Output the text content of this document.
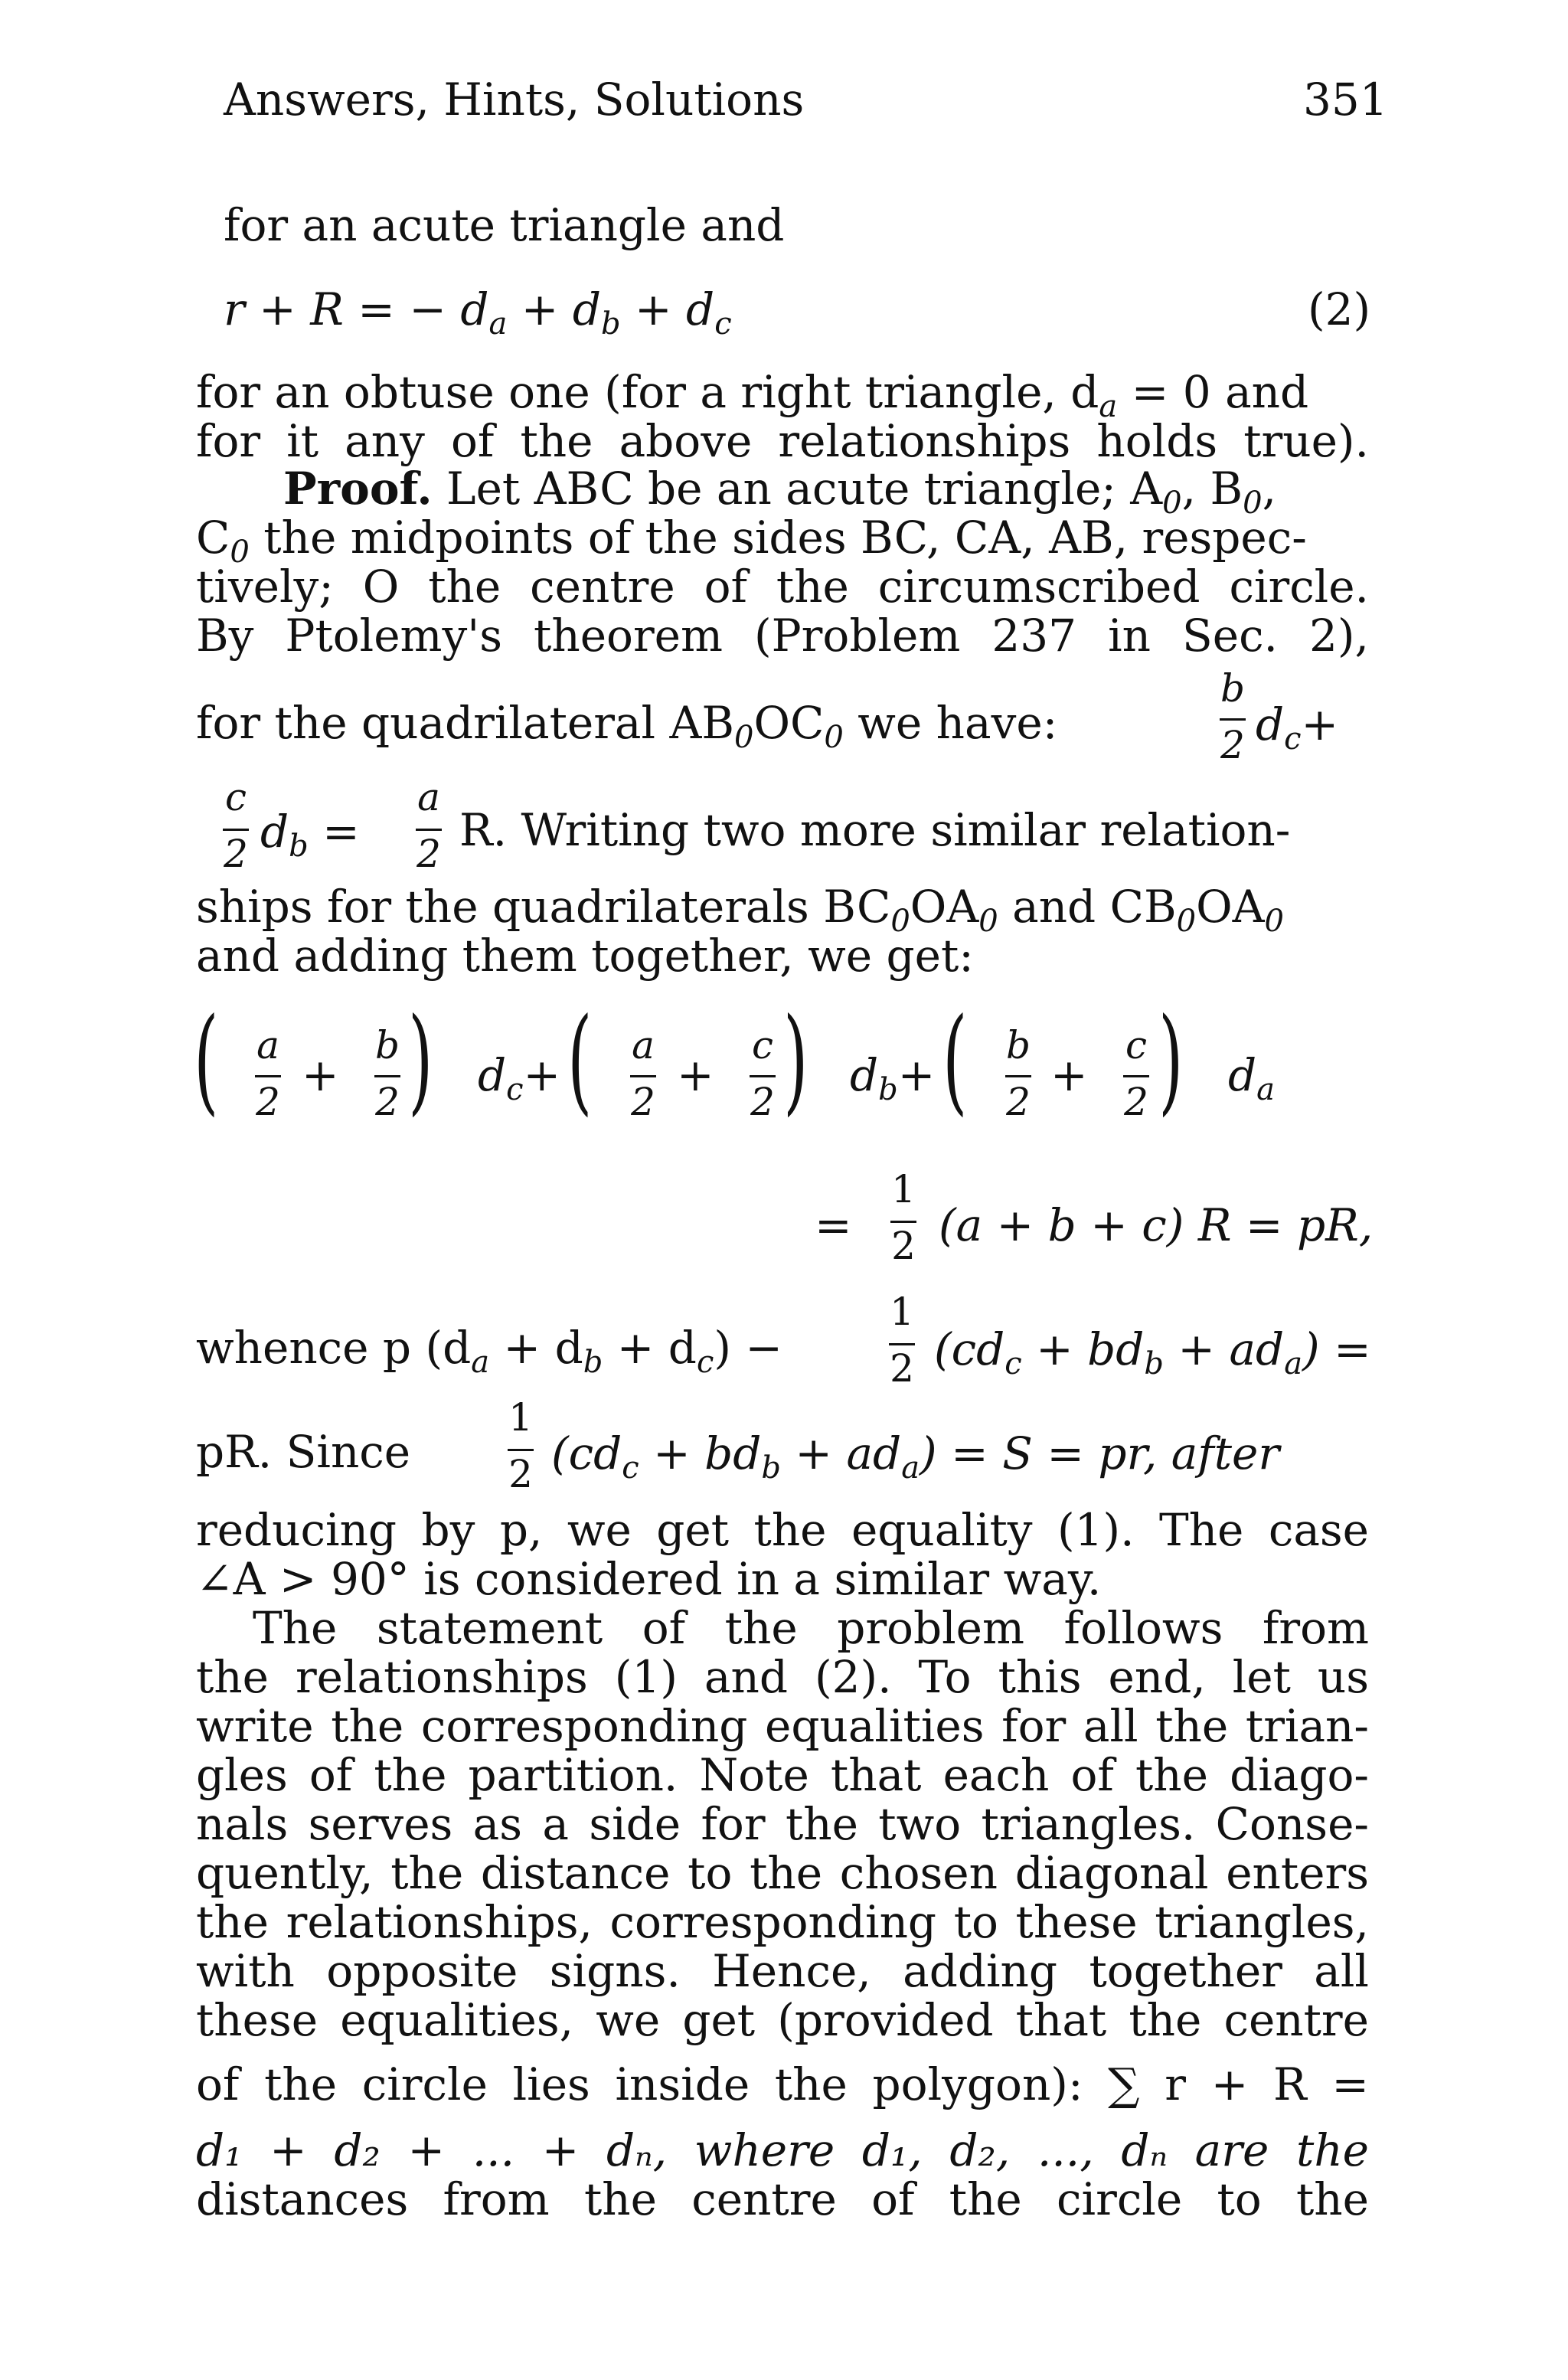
Answers, Hints, Solutions	351
for an acute triangle and
r + R = − $d_a + d_b + d_c$	(2)
for an obtuse one (for a right triangle, $d_a = 0$ and
for it any of the above relationships holds true).
Proof. Let ABC be an acute triangle; $A_0$, $B_0$,
$C_0$ the midpoints of the sides BC, CA, AB, respec-
tively; O the centre of the circumscribed circle.
By Ptolemy's theorem (Problem 237 in Sec. 2),
for the quadrilateral $AB_0OC_0$ we have:
b
2 $d_c+$
c
2 $d_b$ =
a
2 R. Writing two more similar relation-
ships for the quadrilaterals $BC_0OA_0$ and $CB_0OA_0$
and adding them together, we get:
( a
2
+
b
2 ) $d_c+$ ( a
2
+
c
2 ) $d_b+$ ( b
2
+
c
2 ) $d_a$
=
1
2 (a + b + c) R = pR,
whence p $(d_a + d_b + d_c)$ −
1
2 $(cd_c + bd_b + ad_a)$ =
pR. Since
1
2 $(cd_c + bd_b + ad_a) = S$ = pr, after
reducing by p, we get the equality (1). The case
∠A > 90° is considered in a similar way.
The statement of the problem follows from
the relationships (1) and (2). To this end, let us
write the corresponding equalities for all the trian-
gles of the partition. Note that each of the diago-
nals serves as a side for the two triangles. Conse-
quently, the distance to the chosen diagonal enters
the relationships, corresponding to these triangles,
with opposite signs. Hence, adding together all
these equalities, we get (provided that the centre
of the circle lies inside the polygon): ∑ r + R =
d₁ + d₂ + ... + dₙ, where d₁, d₂, ..., dₙ are the
distances from the centre of the circle to the
